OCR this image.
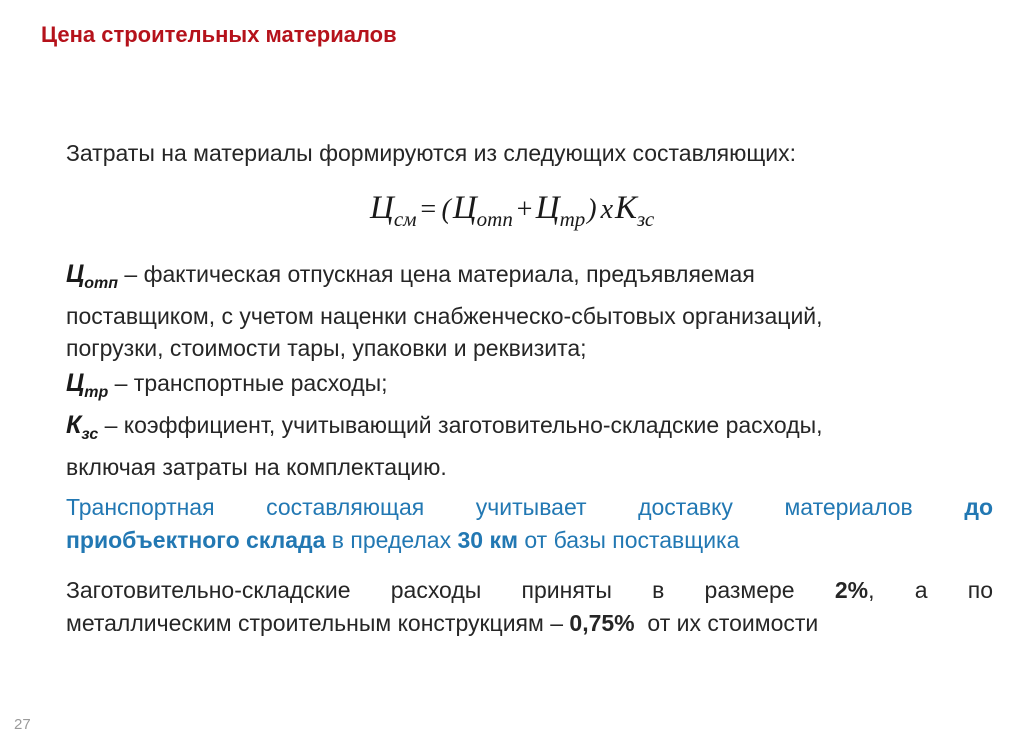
Цена строительных материалов
Затраты на материалы формируются из следующих составляющих:
$Ц_{см}= (Ц_{отп}+Ц_{тр})$ $хК_{зс}$
$Ц_{отп}$ – фактическая отпускная цена материала, предъявляемая
поставщиком, с учетом наценки снабженческо-сбытовых организаций,
погрузки, стоимости тары, упаковки и реквизита;
$Ц_{тр}$ – транспортные расходы;
$К_{зс}$ – коэффициент, учитывающий заготовительно-складские расходы,
включая затраты на комплектацию.
Транспортная составляющая учитывает доставку материалов до
приобъектного склада в пределах 30 км от базы поставщика
Заготовительно-складские расходы приняты в размере 2%, а по
металлическим строительным конструкциям – 0,75%  от их стоимости
27
